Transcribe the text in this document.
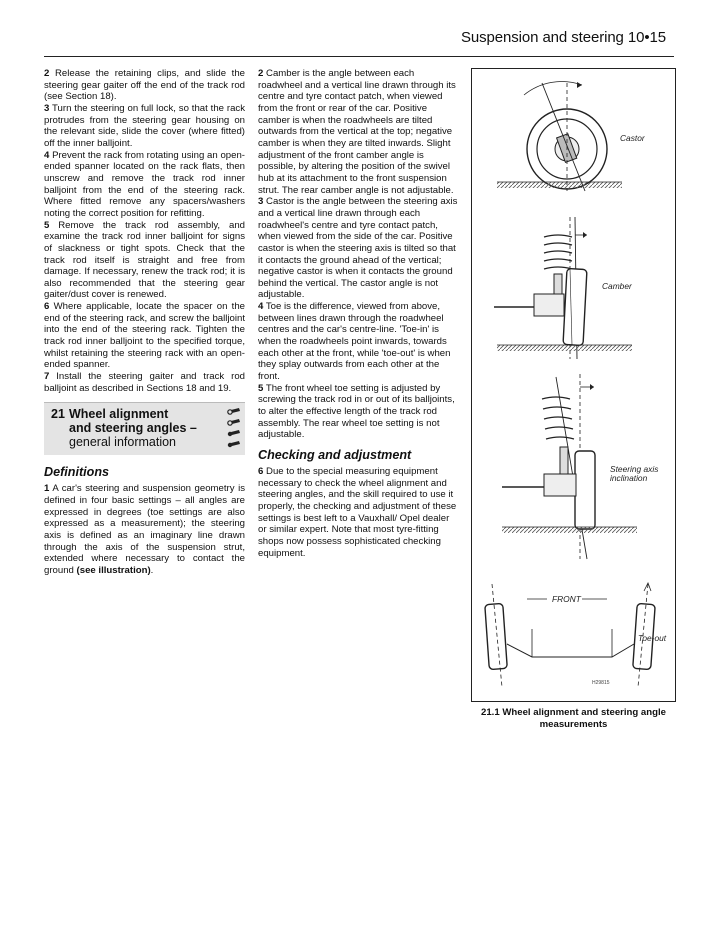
Suspension and steering 10•15

2 Release the retaining clips, and slide the steering gear gaiter off the end of the track rod (see Section 18).

3 Turn the steering on full lock, so that the rack protrudes from the steering gear housing on the relevant side, slide the cover (where fitted) off the inner balljoint.

4 Prevent the rack from rotating using an open-ended spanner located on the rack flats, then unscrew and remove the track rod inner balljoint from the end of the steering rack. Where fitted remove any spacers/washers noting the correct position for refitting.

5 Remove the track rod assembly, and examine the track rod inner balljoint for signs of slackness or tight spots. Check that the track rod itself is straight and free from damage. If necessary, renew the track rod; it is also recommended that the steering gear gaiter/dust cover is renewed.

6 Where applicable, locate the spacer on the end of the steering rack, and screw the balljoint into the end of the steering rack. Tighten the track rod inner balljoint to the specified torque, whilst retaining the steering rack with an open-ended spanner.

7 Install the steering gaiter and track rod balljoint as described in Sections 18 and 19.

21 Wheel alignment
and steering angles –
general information
Definitions

1 A car's steering and suspension geometry is defined in four basic settings – all angles are expressed in degrees (toe settings are also expressed as a measurement); the steering axis is defined as an imaginary line drawn through the axis of the suspension strut, extended where necessary to contact the ground (see illustration).

2 Camber is the angle between each roadwheel and a vertical line drawn through its centre and tyre contact patch, when viewed from the front or rear of the car. Positive camber is when the roadwheels are tilted outwards from the vertical at the top; negative camber is when they are tilted inwards. Slight adjustment of the front camber angle is possible, by altering the position of the swivel hub at its attachment to the front suspension strut. The rear camber angle is not adjustable.

3 Castor is the angle between the steering axis and a vertical line drawn through each roadwheel's centre and tyre contact patch, when viewed from the side of the car. Positive castor is when the steering axis is tilted so that it contacts the ground ahead of the vertical; negative castor is when it contacts the ground behind the vertical. The castor angle is not adjustable.

4 Toe is the difference, viewed from above, between lines drawn through the roadwheel centres and the car's centre-line. 'Toe-in' is when the roadwheels point inwards, towards each other at the front, while 'toe-out' is when they splay outwards from each other at the front.

5 The front wheel toe setting is adjusted by screwing the track rod in or out of its balljoints, to alter the effective length of the track rod assembly. The rear wheel toe setting is not adjustable.

Checking and adjustment

6 Due to the special measuring equipment necessary to check the wheel alignment and steering angles, and the skill required to use it properly, the checking and adjustment of these settings is best left to a Vauxhall/ Opel dealer or similar expert. Note that most tyre-fitting shops now possess sophisticated checking equipment.

Castor
Camber
Steering axis
inclination
FRONT
Toe-out
H29815
21.1 Wheel alignment and steering angle
measurements
